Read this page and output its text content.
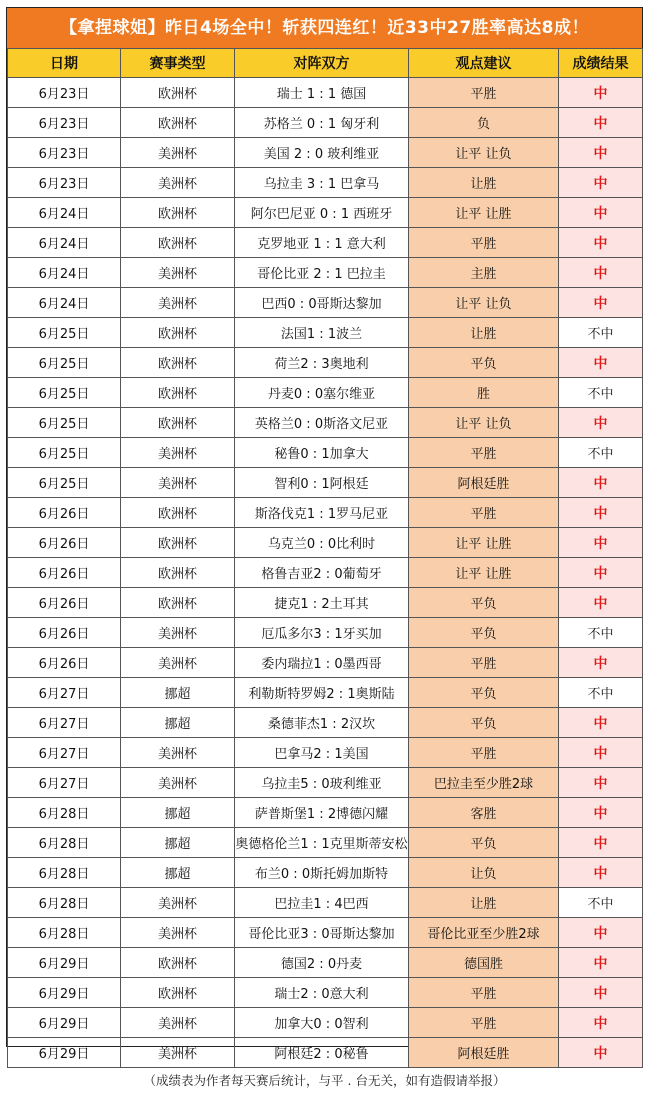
【拿捏球姐】昨日4场全中！斩获四连红！近33中27胜率高达8成！
日期	赛事类型	对阵双方	观点建议	成绩结果
6月23日	欧洲杯	瑞士 1 : 1 德国	平胜	中
6月23日	欧洲杯	苏格兰 0 : 1 匈牙利	负	中
6月23日	美洲杯	美国 2 : 0 玻利维亚	让平 让负	中
6月23日	美洲杯	乌拉圭 3 : 1 巴拿马	让胜	中
6月24日	欧洲杯	阿尔巴尼亚 0 : 1 西班牙	让平 让胜	中
6月24日	欧洲杯	克罗地亚 1 : 1 意大利	平胜	中
6月24日	美洲杯	哥伦比亚 2 : 1 巴拉圭	主胜	中
6月24日	美洲杯	巴西0 : 0哥斯达黎加	让平 让负	中
6月25日	欧洲杯	法国1 : 1波兰	让胜	不中
6月25日	欧洲杯	荷兰2 : 3奥地利	平负	中
6月25日	欧洲杯	丹麦0 : 0塞尔维亚	胜	不中
6月25日	欧洲杯	英格兰0 : 0斯洛文尼亚	让平 让负	中
6月25日	美洲杯	秘鲁0 : 1加拿大	平胜	不中
6月25日	美洲杯	智利0 : 1阿根廷	阿根廷胜	中
6月26日	欧洲杯	斯洛伐克1 : 1罗马尼亚	平胜	中
6月26日	欧洲杯	乌克兰0 : 0比利时	让平 让胜	中
6月26日	欧洲杯	格鲁吉亚2 : 0葡萄牙	让平 让胜	中
6月26日	欧洲杯	捷克1 : 2土耳其	平负	中
6月26日	美洲杯	厄瓜多尔3 : 1牙买加	平负	不中
6月26日	美洲杯	委内瑞拉1 : 0墨西哥	平胜	中
6月27日	挪超	利勒斯特罗姆2 : 1奥斯陆	平负	不中
6月27日	挪超	桑德菲杰1 : 2汉坎	平负	中
6月27日	美洲杯	巴拿马2 : 1美国	平胜	中
6月27日	美洲杯	乌拉圭5 : 0玻利维亚	巴拉圭至少胜2球	中
6月28日	挪超	萨普斯堡1 : 2博德闪耀	客胜	中
6月28日	挪超	奥德格伦兰1 : 1克里斯蒂安松	平负	中
6月28日	挪超	布兰0 : 0斯托姆加斯特	让负	中
6月28日	美洲杯	巴拉圭1 : 4巴西	让胜	不中
6月28日	美洲杯	哥伦比亚3 : 0哥斯达黎加	哥伦比亚至少胜2球	中
6月29日	欧洲杯	德国2 : 0丹麦	德国胜	中
6月29日	欧洲杯	瑞士2 : 0意大利	平胜	中
6月29日	美洲杯	加拿大0 : 0智利	平胜	中
6月29日	美洲杯	阿根廷2 : 0秘鲁	阿根廷胜	中
（成绩表为作者每天赛后统计，与平 . 台无关，如有造假请举报）
